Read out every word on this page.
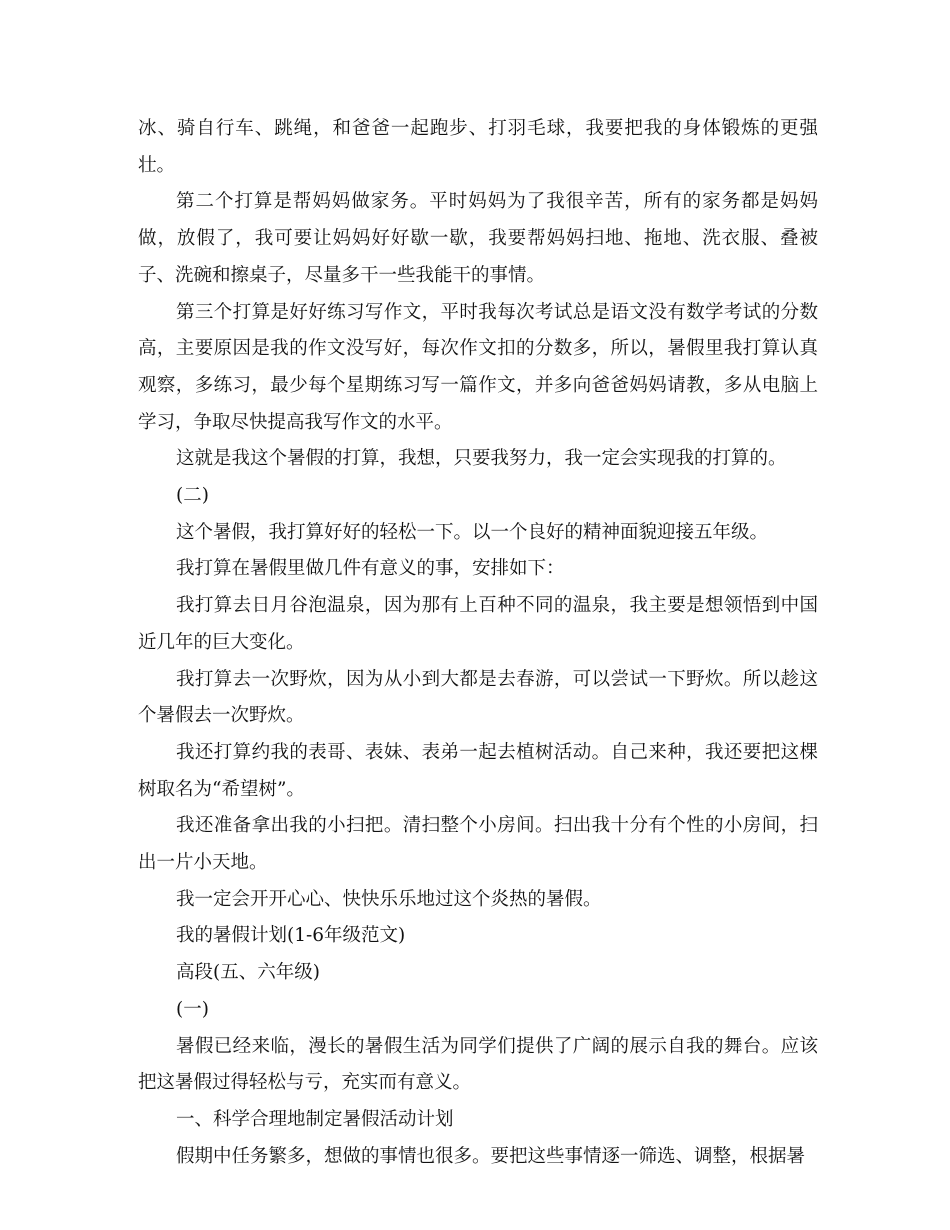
冰、骑自行车、跳绳，和爸爸一起跑步、打羽毛球，我要把我的身体锻炼的更强壮。

第二个打算是帮妈妈做家务。平时妈妈为了我很辛苦，所有的家务都是妈妈做，放假了，我可要让妈妈好好歇一歇，我要帮妈妈扫地、拖地、洗衣服、叠被子、洗碗和擦桌子，尽量多干一些我能干的事情。

第三个打算是好好练习写作文，平时我每次考试总是语文没有数学考试的分数高，主要原因是我的作文没写好，每次作文扣的分数多，所以，暑假里我打算认真观察，多练习，最少每个星期练习写一篇作文，并多向爸爸妈妈请教，多从电脑上学习，争取尽快提高我写作文的水平。

这就是我这个暑假的打算，我想，只要我努力，我一定会实现我的打算的。

(二)

这个暑假，我打算好好的轻松一下。以一个良好的精神面貌迎接五年级。

我打算在暑假里做几件有意义的事，安排如下：

我打算去日月谷泡温泉，因为那有上百种不同的温泉，我主要是想领悟到中国近几年的巨大变化。

我打算去一次野炊，因为从小到大都是去春游，可以尝试一下野炊。所以趁这个暑假去一次野炊。

我还打算约我的表哥、表妹、表弟一起去植树活动。自己来种，我还要把这棵树取名为“希望树”。

我还准备拿出我的小扫把。清扫整个小房间。扫出我十分有个性的小房间，扫出一片小天地。

我一定会开开心心、快快乐乐地过这个炎热的暑假。

我的暑假计划(1-6年级范文)

高段(五、六年级)

(一)

暑假已经来临，漫长的暑假生活为同学们提供了广阔的展示自我的舞台。应该把这暑假过得轻松与亏，充实而有意义。

一、科学合理地制定暑假活动计划

假期中任务繁多，想做的事情也很多。要把这些事情逐一筛选、调整，根据暑
